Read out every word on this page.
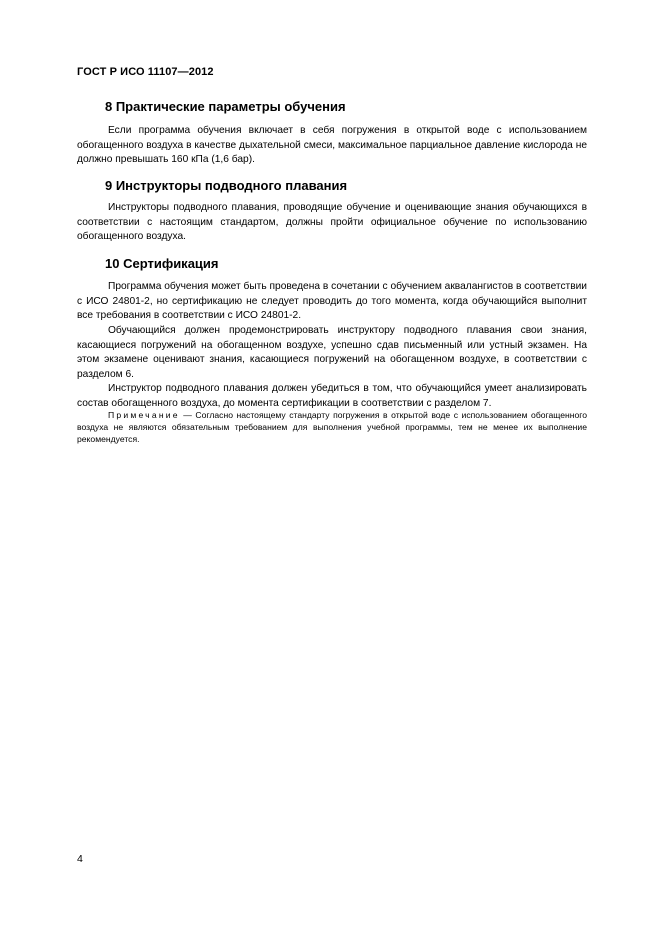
ГОСТ Р ИСО 11107—2012
8 Практические параметры обучения

Если программа обучения включает в себя погружения в открытой воде с использованием обогащенного воздуха в качестве дыхательной смеси, максимальное парциальное давление кислорода не должно превышать 160 кПа (1,6 бар).

9 Инструкторы подводного плавания

Инструкторы подводного плавания, проводящие обучение и оценивающие знания обучающихся в соответствии с настоящим стандартом, должны пройти официальное обучение по использованию обогащенного воздуха.

10 Сертификация

Программа обучения может быть проведена в сочетании с обучением аквалангистов в соответствии с ИСО 24801-2, но сертификацию не следует проводить до того момента, когда обучающийся выполнит все требования в соответствии с ИСО 24801-2.

Обучающийся должен продемонстрировать инструктору подводного плавания свои знания, касающиеся погружений на обогащенном воздухе, успешно сдав письменный или устный экзамен. На этом экзамене оценивают знания, касающиеся погружений на обогащенном воздухе, в соответствии с разделом 6.

Инструктор подводного плавания должен убедиться в том, что обучающийся умеет анализировать состав обогащенного воздуха, до момента сертификации в соответствии с разделом 7.

Примечание — Согласно настоящему стандарту погружения в открытой воде с использованием обогащенного воздуха не являются обязательным требованием для выполнения учебной программы, тем не менее их выполнение рекомендуется.

4
